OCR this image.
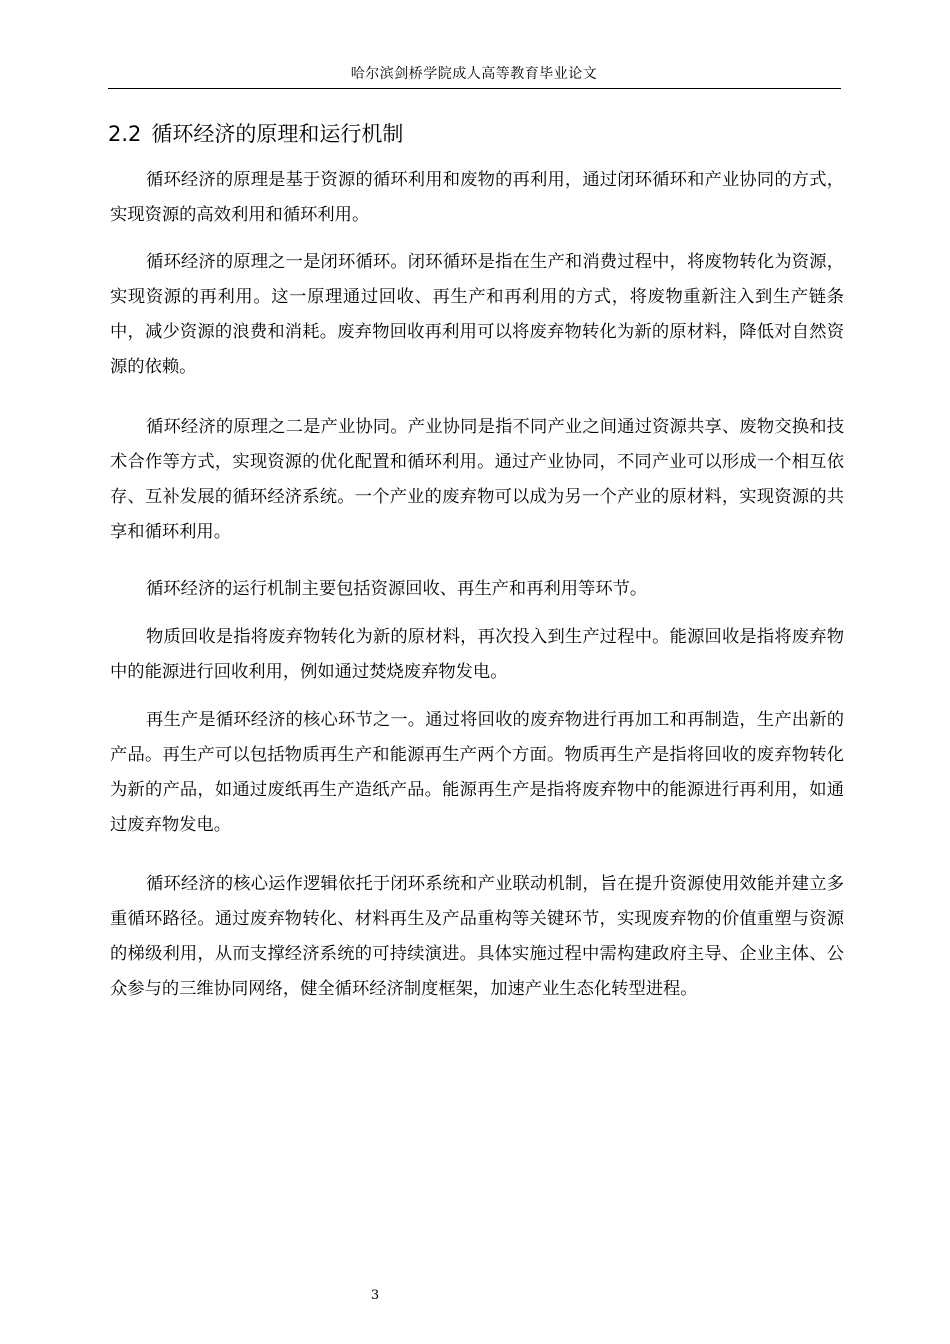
哈尔滨剑桥学院成人高等教育毕业论文
2.2 循环经济的原理和运行机制

循环经济的原理是基于资源的循环利用和废物的再利用，通过闭环循环和产业协同的方式，实现资源的高效利用和循环利用。

循环经济的原理之一是闭环循环。闭环循环是指在生产和消费过程中，将废物转化为资源，实现资源的再利用。这一原理通过回收、再生产和再利用的方式，将废物重新注入到生产链条中，减少资源的浪费和消耗。废弃物回收再利用可以将废弃物转化为新的原材料，降低对自然资源的依赖。

循环经济的原理之二是产业协同。产业协同是指不同产业之间通过资源共享、废物交换和技术合作等方式，实现资源的优化配置和循环利用。通过产业协同，不同产业可以形成一个相互依存、互补发展的循环经济系统。一个产业的废弃物可以成为另一个产业的原材料，实现资源的共享和循环利用。

循环经济的运行机制主要包括资源回收、再生产和再利用等环节。

物质回收是指将废弃物转化为新的原材料，再次投入到生产过程中。能源回收是指将废弃物中的能源进行回收利用，例如通过焚烧废弃物发电。

再生产是循环经济的核心环节之一。通过将回收的废弃物进行再加工和再制造，生产出新的产品。再生产可以包括物质再生产和能源再生产两个方面。物质再生产是指将回收的废弃物转化为新的产品，如通过废纸再生产造纸产品。能源再生产是指将废弃物中的能源进行再利用，如通过废弃物发电。

循环经济的核心运作逻辑依托于闭环系统和产业联动机制，旨在提升资源使用效能并建立多重循环路径。通过废弃物转化、材料再生及产品重构等关键环节，实现废弃物的价值重塑与资源的梯级利用，从而支撑经济系统的可持续演进。具体实施过程中需构建政府主导、企业主体、公众参与的三维协同网络，健全循环经济制度框架，加速产业生态化转型进程。

3
